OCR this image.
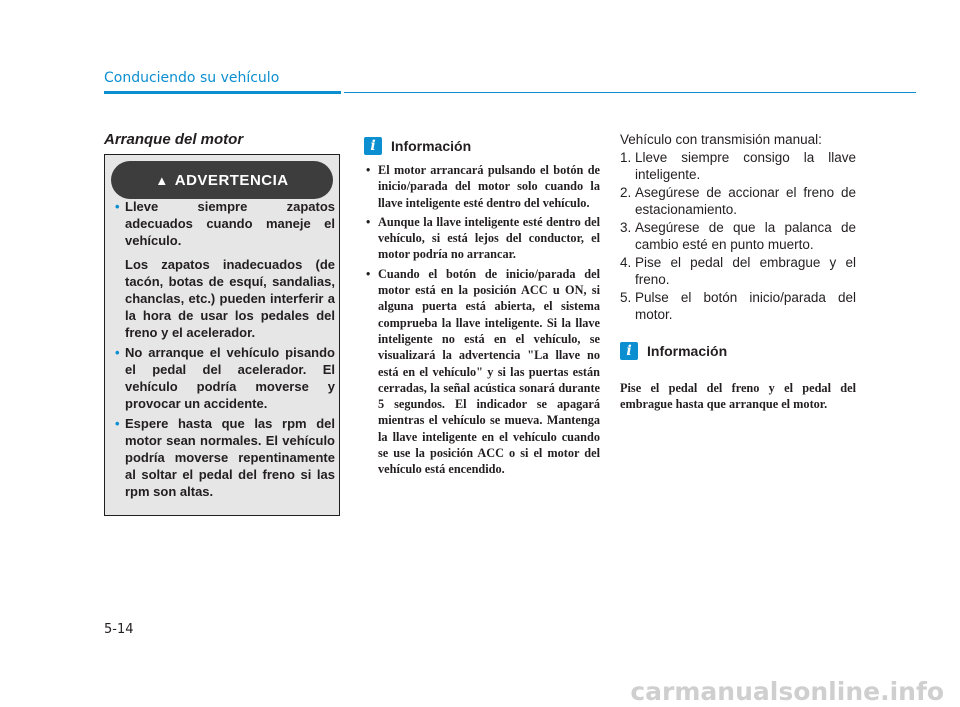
Conduciendo su vehículo
Arranque del motor
▲ ADVERTENCIA
• Lleve siempre zapatos adecuados cuando maneje el vehículo.

Los zapatos inadecuados (de tacón, botas de esquí, sandalias, chanclas, etc.) pueden interferir a la hora de usar los pedales del freno y el acelerador.

• No arranque el vehículo pisando el pedal del acelerador. El vehículo podría moverse y provocar un accidente.

• Espere hasta que las rpm del motor sean normales. El vehículo podría moverse repentinamente al soltar el pedal del freno si las rpm son altas.

i	Información
• El motor arrancará pulsando el botón de inicio/parada del motor solo cuando la llave inteligente esté dentro del vehículo.
• Aunque la llave inteligente esté dentro del vehículo, si está lejos del conductor, el motor podría no arrancar.
• Cuando el botón de inicio/parada del motor está en la posición ACC u ON, si alguna puerta está abierta, el sistema comprueba la llave inteligente. Si la llave inteligente no está en el vehículo, se visualizará la advertencia "La llave no está en el vehículo" y si las puertas están cerradas, la señal acústica sonará durante 5 segundos. El indicador se apagará mientras el vehículo se mueva. Mantenga la llave inteligente en el vehículo cuando se use la posición ACC o si el motor del vehículo está encendido.

Vehículo con transmisión manual:

1. Lleve siempre consigo la llave inteligente.
2. Asegúrese de accionar el freno de estacionamiento.
3. Asegúrese de que la palanca de cambio esté en punto muerto.
4. Pise el pedal del embrague y el freno.
5. Pulse el botón inicio/parada del motor.
i	Información

Pise el pedal del freno y el pedal del embrague hasta que arranque el motor.

5-14
carmanualsonline.info
